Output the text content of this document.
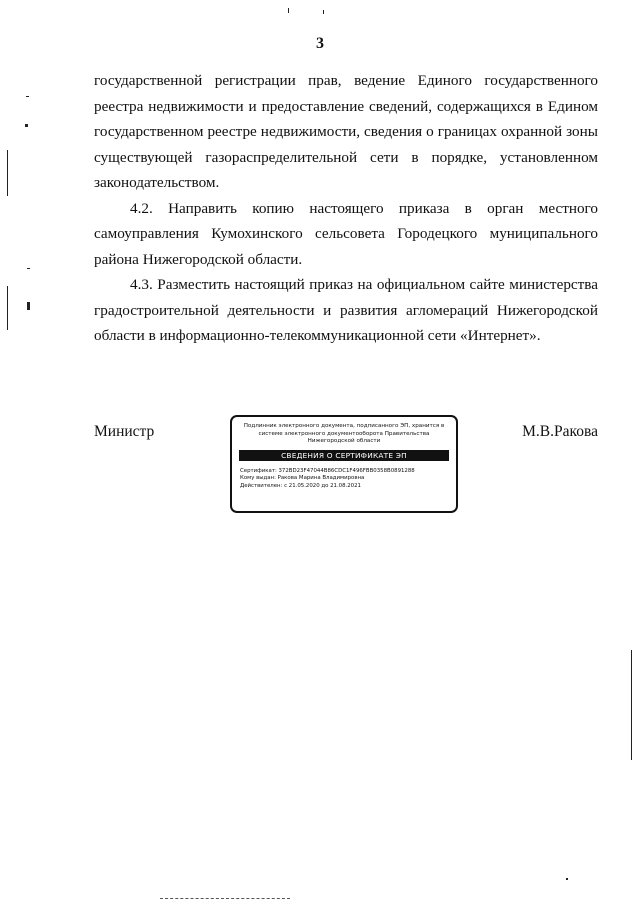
3

государственной регистрации прав, ведение Единого государственного реестра недвижимости и предоставление сведений, содержащихся в Едином государственном реестре недвижимости, сведения о границах охранной зоны существующей газораспределительной сети в порядке, установленном законодательством.

4.2. Направить копию настоящего приказа в орган местного самоуправления Кумохинского сельсовета Городецкого муниципального района Нижегородской области.

4.3. Разместить настоящий приказ на официальном сайте министерства градостроительной деятельности и развития агломераций Нижегородской области в информационно-телекоммуникационной сети «Интернет».

Министр	Подлинник электронного документа, подписанного ЭП, хранится в системе электронного документооборота Правительства Нижегородской области
СВЕДЕНИЯ О СЕРТИФИКАТЕ ЭП
Сертификат: 372BD23F47044B86CDC1F496FBB0358B0891288
Кому выдан: Ракова Марина Владимировна
Действителен: с 21.05.2020 до 21.08.2021
М.В.Ракова
